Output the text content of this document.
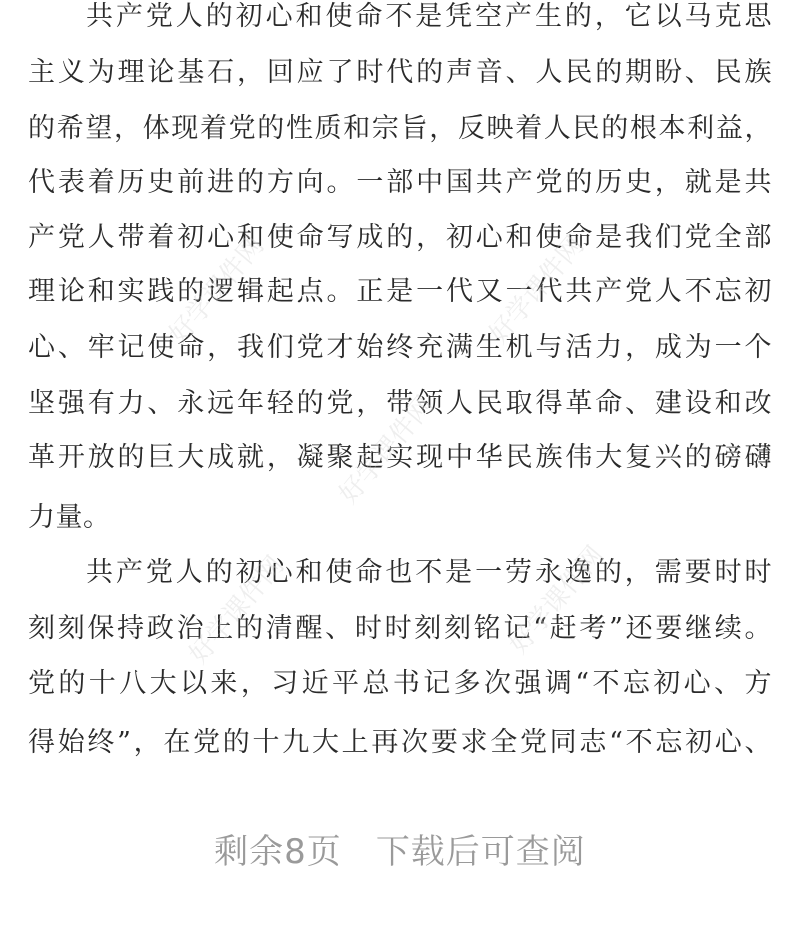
共产党人的初心和使命不是凭空产生的，它以马克思
主义为理论基石，回应了时代的声音、人民的期盼、民族
的希望，体现着党的性质和宗旨，反映着人民的根本利益，
代表着历史前进的方向。一部中国共产党的历史，就是共
产党人带着初心和使命写成的，初心和使命是我们党全部
理论和实践的逻辑起点。正是一代又一代共产党人不忘初
心、牢记使命，我们党才始终充满生机与活力，成为一个
坚强有力、永远年轻的党，带领人民取得革命、建设和改
革开放的巨大成就，凝聚起实现中华民族伟大复兴的磅礴
力量。
共产党人的初心和使命也不是一劳永逸的，需要时时
刻刻保持政治上的清醒、时时刻刻铭记“赶考”还要继续。
党的十八大以来，习近平总书记多次强调“不忘初心、方
得始终”，在党的十九大上再次要求全党同志“不忘初心、
好学课件网	好学课件网
好学课件网
好学课件网	好学课件网
剩余8页 下载后可查阅
